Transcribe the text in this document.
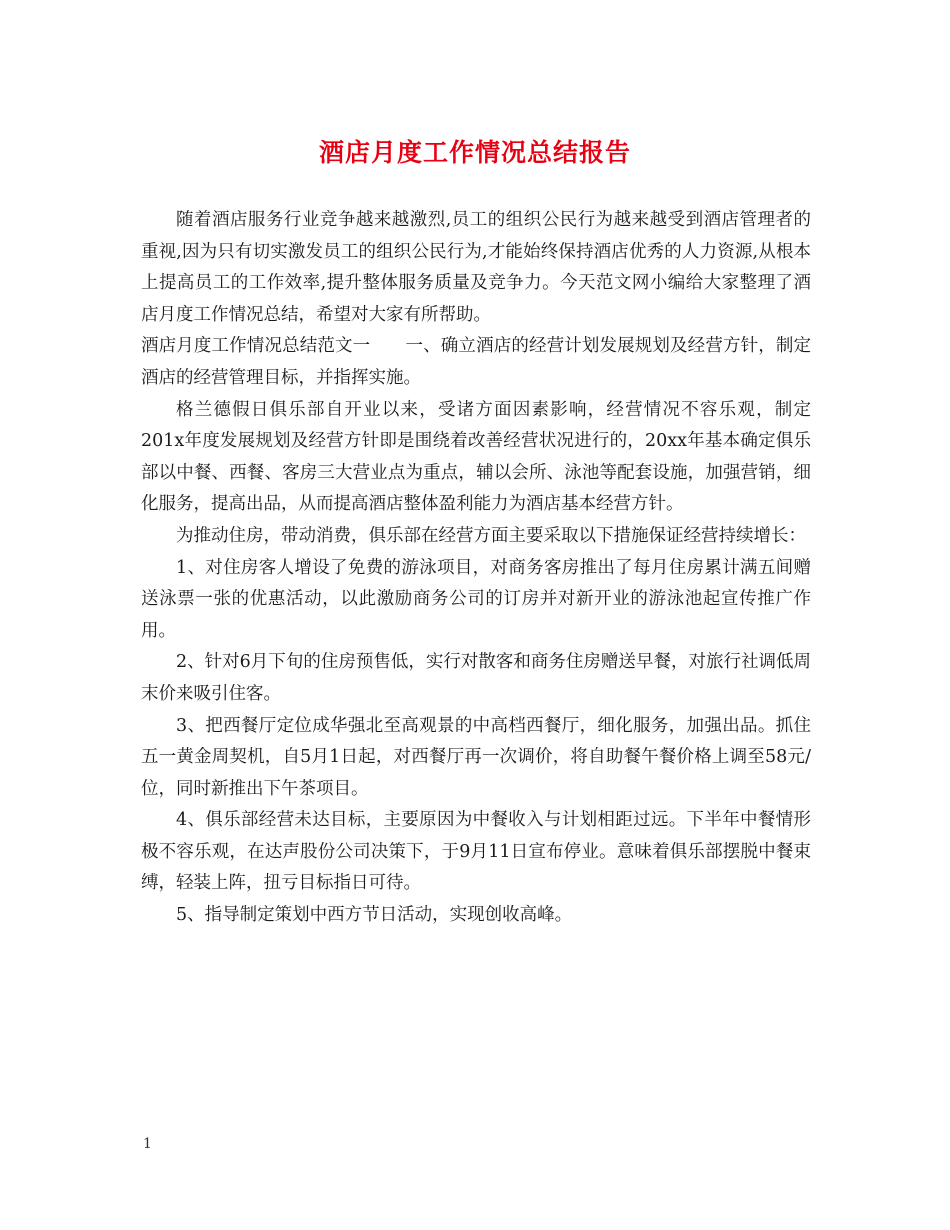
酒店月度工作情况总结报告

随着酒店服务行业竞争越来越激烈,员工的组织公民行为越来越受到酒店管理者的重视,因为只有切实激发员工的组织公民行为,才能始终保持酒店优秀的人力资源,从根本上提高员工的工作效率,提升整体服务质量及竞争力。今天范文网小编给大家整理了酒店月度工作情况总结，希望对大家有所帮助。

酒店月度工作情况总结范文一　　一、确立酒店的经营计划发展规划及经营方针，制定酒店的经营管理目标，并指挥实施。

格兰德假日俱乐部自开业以来，受诸方面因素影响，经营情况不容乐观，制定201x年度发展规划及经营方针即是围绕着改善经营状况进行的，20xx年基本确定俱乐部以中餐、西餐、客房三大营业点为重点，辅以会所、泳池等配套设施，加强营销，细化服务，提高出品，从而提高酒店整体盈利能力为酒店基本经营方针。

为推动住房，带动消费，俱乐部在经营方面主要采取以下措施保证经营持续增长：

1、对住房客人增设了免费的游泳项目，对商务客房推出了每月住房累计满五间赠送泳票一张的优惠活动，以此激励商务公司的订房并对新开业的游泳池起宣传推广作用。

2、针对6月下旬的住房预售低，实行对散客和商务住房赠送早餐，对旅行社调低周末价来吸引住客。

3、把西餐厅定位成华强北至高观景的中高档西餐厅，细化服务，加强出品。抓住五一黄金周契机，自5月1日起，对西餐厅再一次调价，将自助餐午餐价格上调至58元/位，同时新推出下午茶项目。

4、俱乐部经营未达目标，主要原因为中餐收入与计划相距过远。下半年中餐情形极不容乐观，在达声股份公司决策下，于9月11日宣布停业。意味着俱乐部摆脱中餐束缚，轻装上阵，扭亏目标指日可待。

5、指导制定策划中西方节日活动，实现创收高峰。

1
